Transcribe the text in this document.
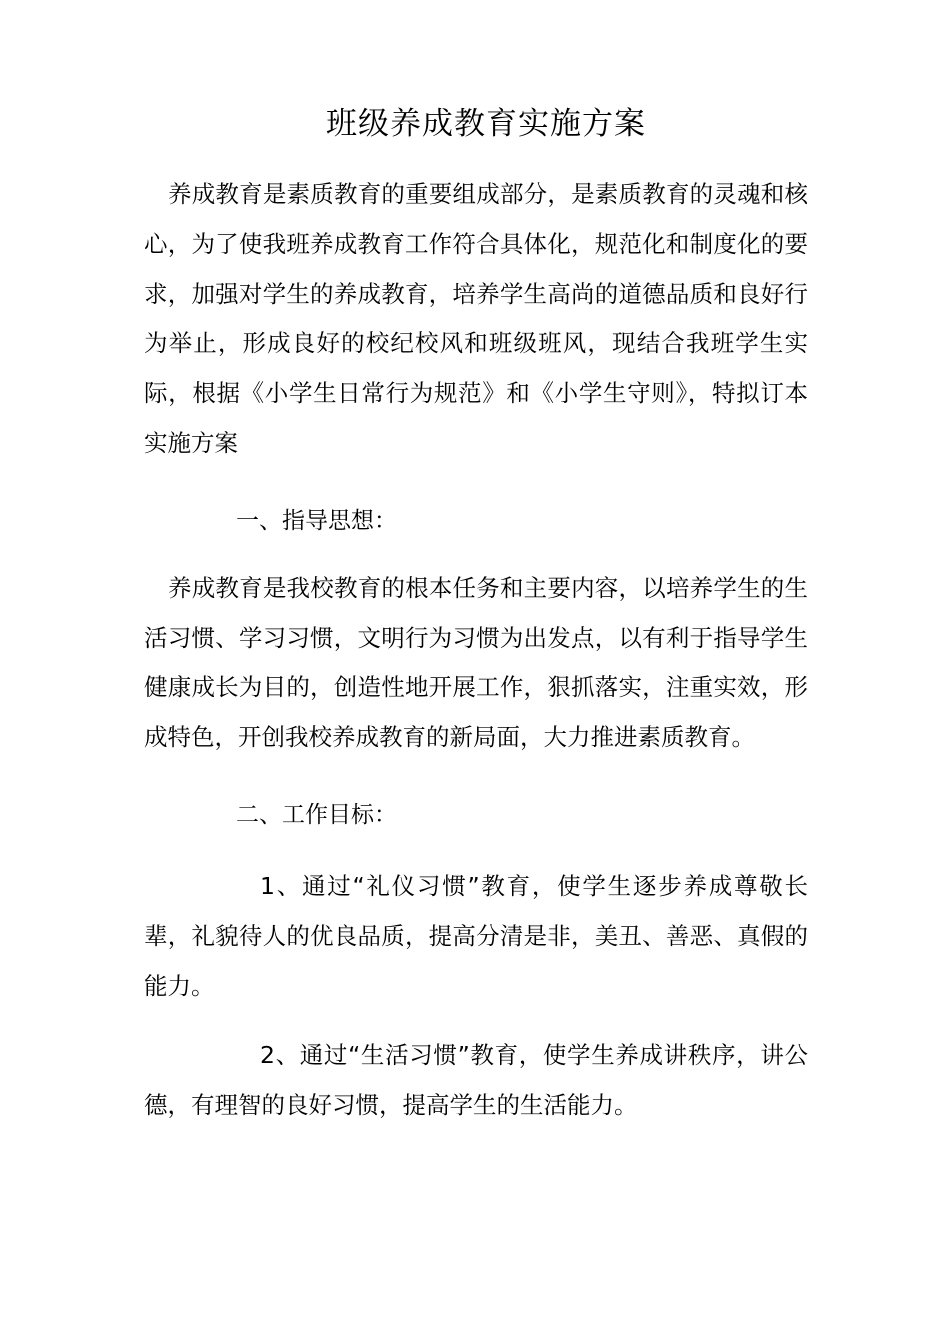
班级养成教育实施方案

养成教育是素质教育的重要组成部分，是素质教育的灵魂和核心，为了使我班养成教育工作符合具体化，规范化和制度化的要求，加强对学生的养成教育，培养学生高尚的道德品质和良好行为举止，形成良好的校纪校风和班级班风，现结合我班学生实际，根据《小学生日常行为规范》和《小学生守则》，特拟订本实施方案

一、指导思想：

养成教育是我校教育的根本任务和主要内容，以培养学生的生活习惯、学习习惯，文明行为习惯为出发点，以有利于指导学生健康成长为目的，创造性地开展工作，狠抓落实，注重实效，形成特色，开创我校养成教育的新局面，大力推进素质教育。

二、工作目标：

1、通过“礼仪习惯”教育，使学生逐步养成尊敬长辈，礼貌待人的优良品质，提高分清是非，美丑、善恶、真假的能力。

2、通过“生活习惯”教育，使学生养成讲秩序，讲公德，有理智的良好习惯，提高学生的生活能力。
